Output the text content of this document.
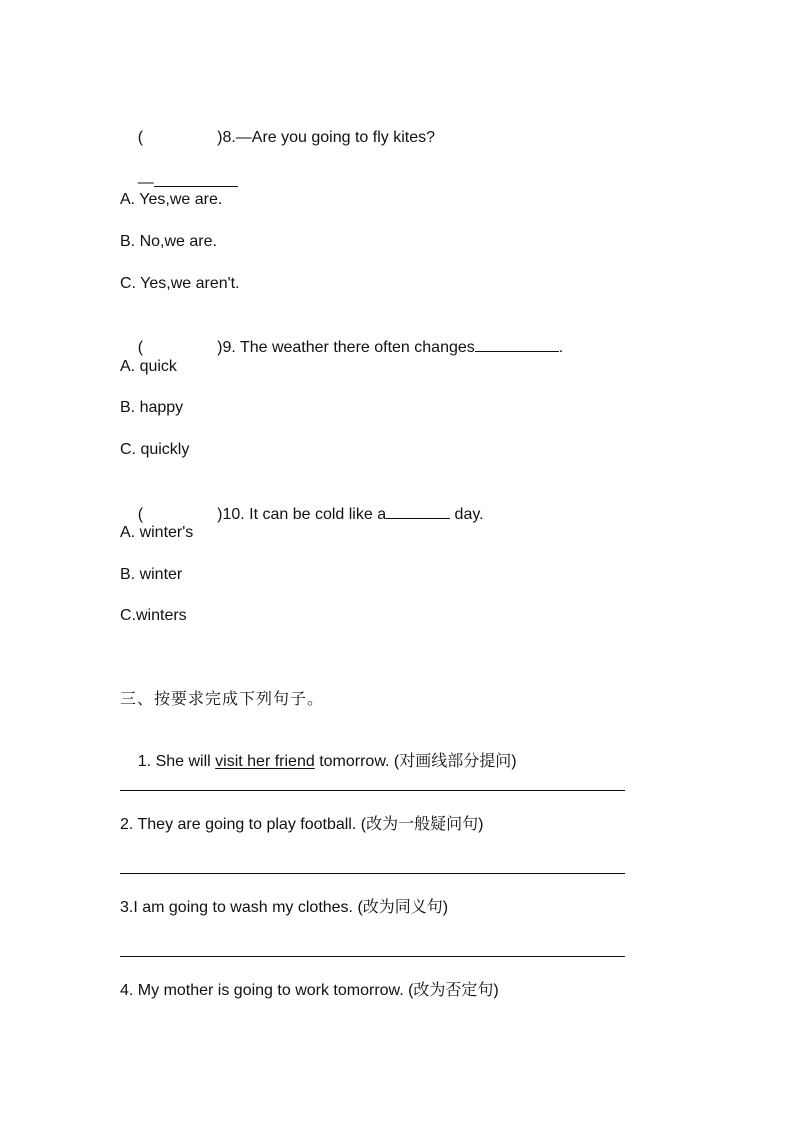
(	)8.—Are you going to fly kites?

—

A. Yes,we are.
B. No,we are.
C. Yes,we aren't.

(	)9. The weather there often changes	.

A. quick
B. happy
C. quickly

(	)10. It can be cold like a	day.

A. winter's
B. winter
C.winters
三、按要求完成下列句子。

1. She will visit her friend tomorrow. (对画线部分提问)

2. They are going to play football. (改为一般疑问句)
3.I am going to wash my clothes. (改为同义句)
4. My mother is going to work tomorrow. (改为否定句)
